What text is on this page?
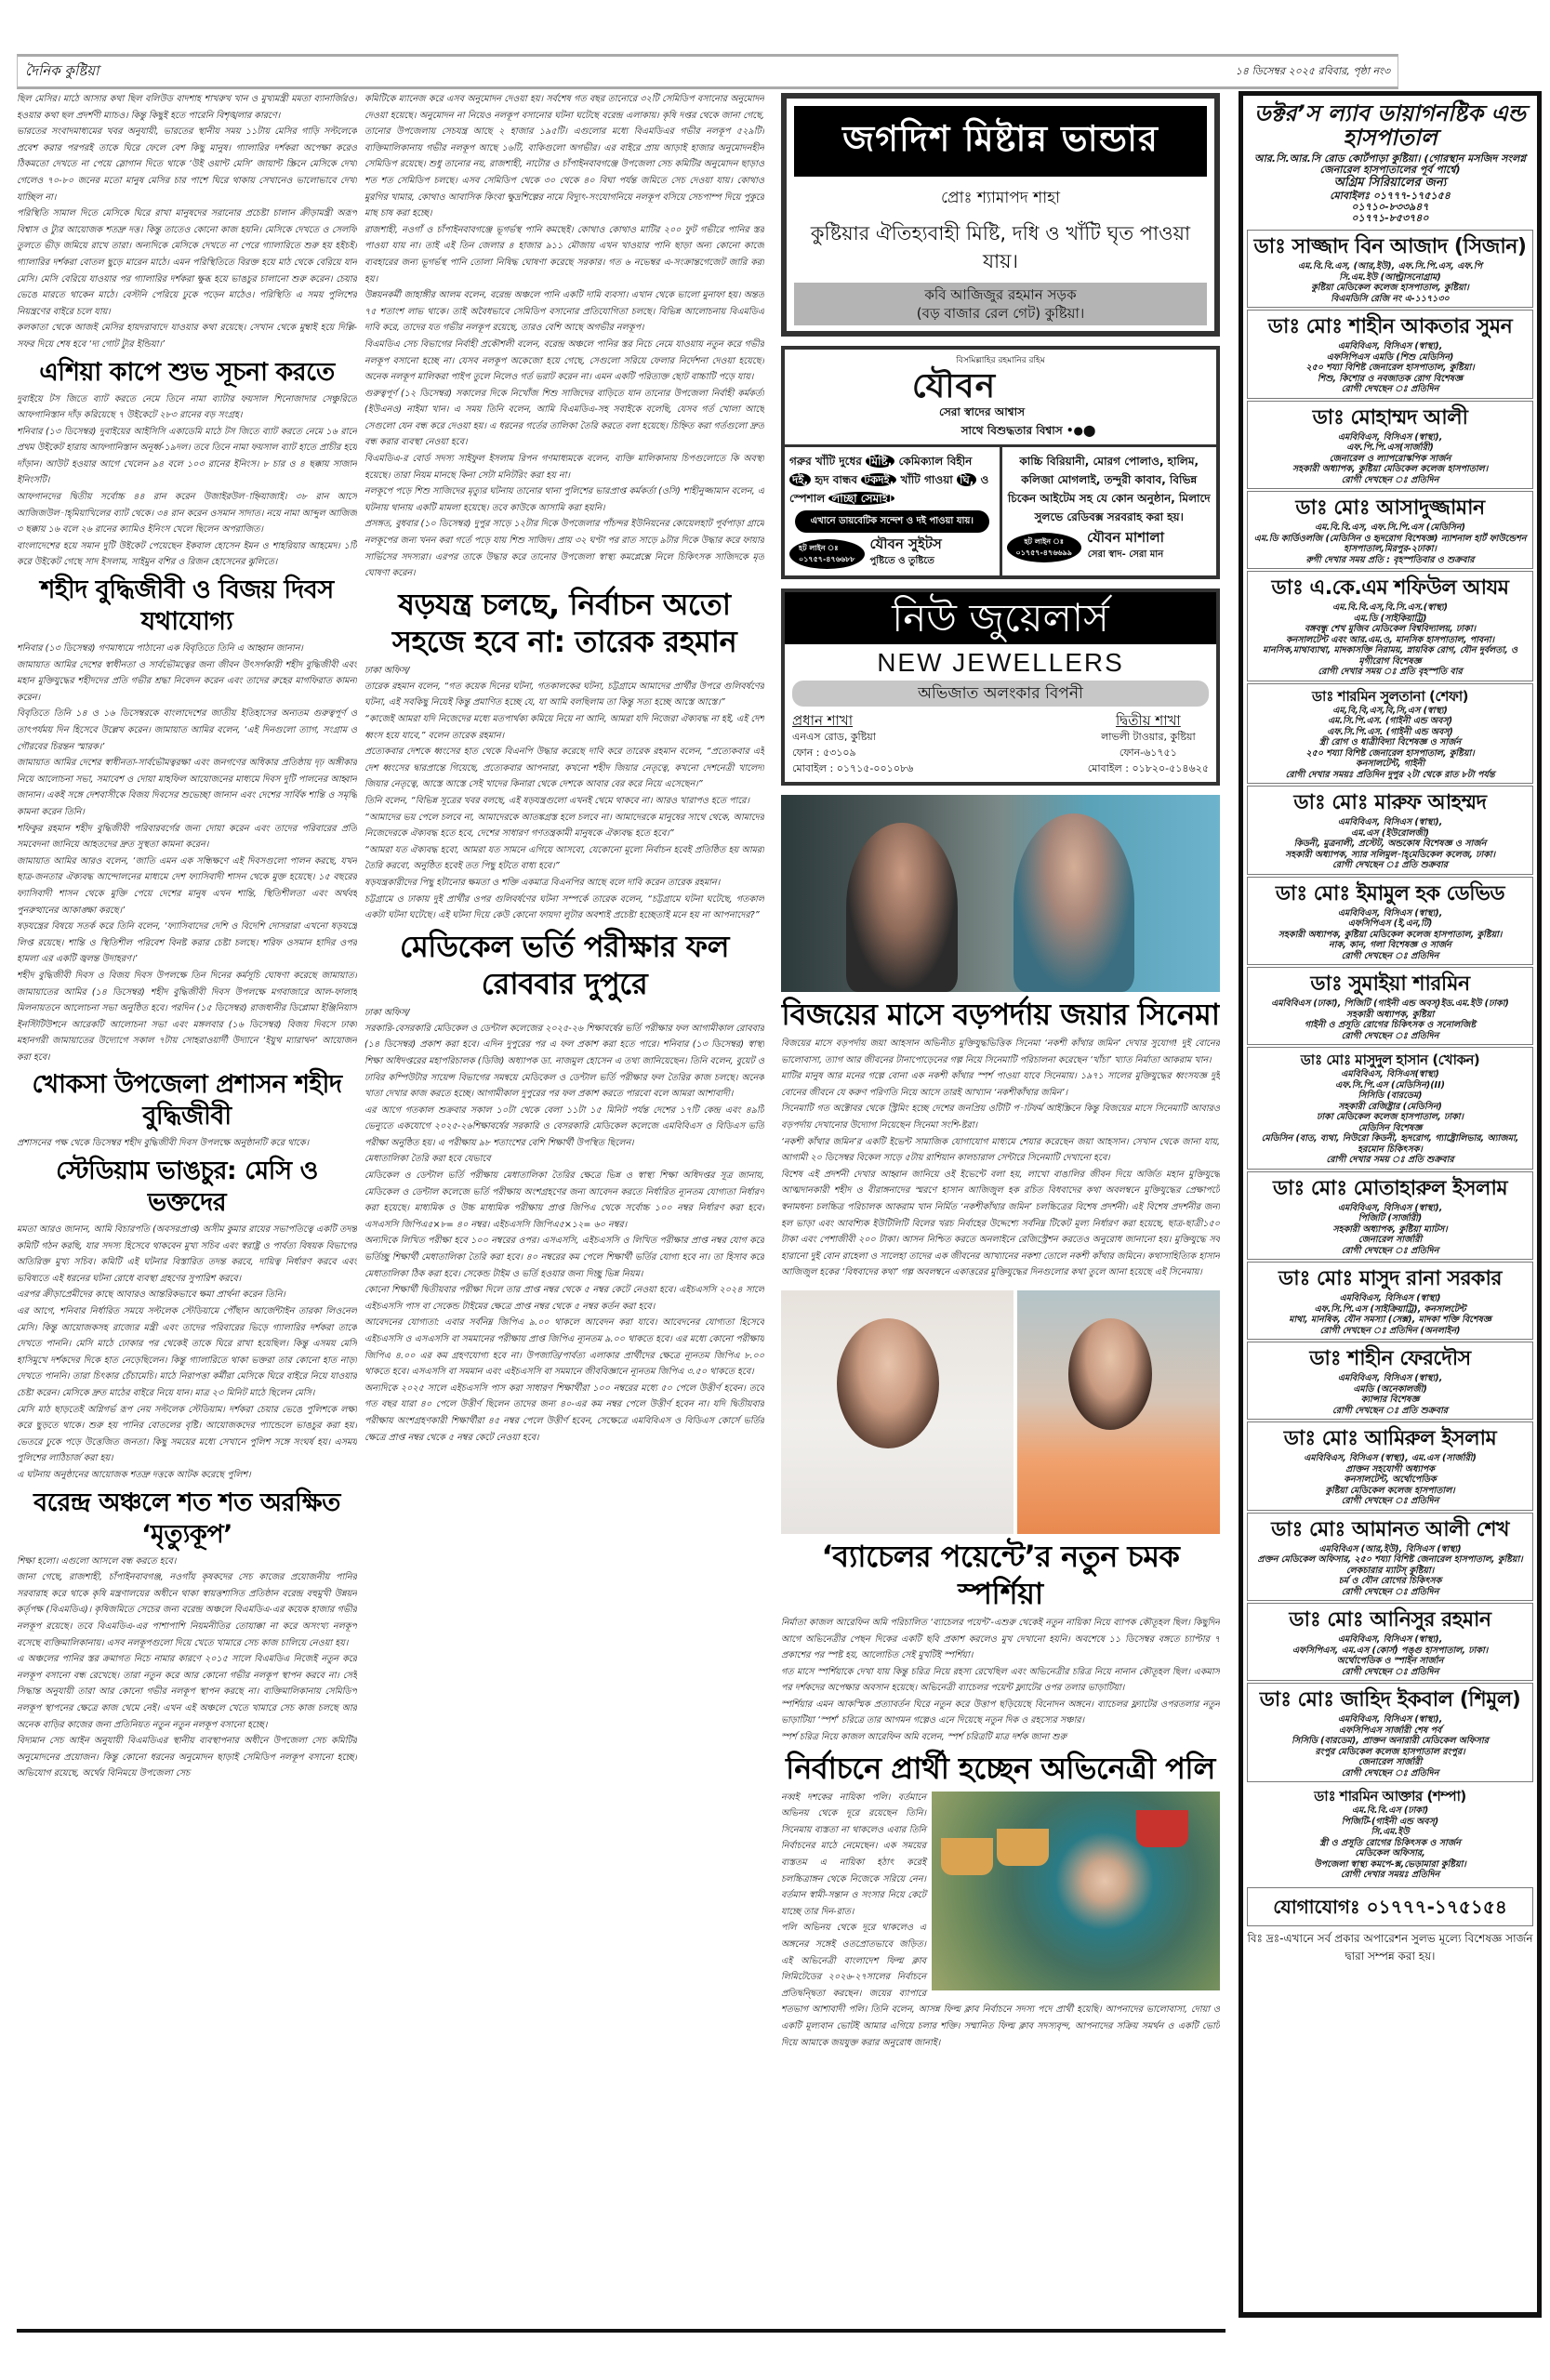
দৈনিক কুষ্টিয়া	১৪ ডিসেম্বর ২০২৫ রবিবার, পৃষ্ঠা নং৩

ছিল মেসির। মাঠে আসার কথা ছিল বলিউড বাদশাহ শাখরুখ খান ও মুখ্যমন্ত্রী মমতা ব্যানার্জিরও। হওয়ার কথা ছল প্রদর্শণী ম্যাচও। কিন্তু কিছুই হতে পারেনি বিশৃঙ্খলার কারণে।

ভারতের সংবাদমাধ্যমের খবর অনুযায়ী, ভারতের স্থানীয় সময় ১১টায় মেসির গাড়ি সল্টলেকে প্রবেশ করার পরপরই তাকে ঘিরে ফেলে বেশ কিছু মানুষ। গ্যালারির দর্শকরা অপেক্ষা করেও ঠিকমতো দেখতে না পেয়ে স্লোগান দিতে থাকে ‘উই ওয়ান্ট মেসি’ জায়ান্ট স্ক্রিনে মেসিকে দেখা গেলেও ৭০-৮০ জনের মতো মানুষ মেসির চার পাশে ঘিরে থাকায় সেখানেও ভালোভাবে দেখা যাচ্ছিল না।

পরিস্থিতি সামাল দিতে মেসিকে ঘিরে রাখা মানুষদের সরানোর প্রচেষ্টা চালান ক্রীড়ামন্ত্রী অরূপ বিশ্বাস ও ট্যুর আয়োজক শতদ্রু দত্ত। কিন্তু তাতেও কোনো কাজ হয়নি। মেসিকে দেখতে ও সেলফি তুলতে ভীড় জমিয়ে রাখে তারা। অন্যদিকে মেসিকে দেখতে না পেরে গ্যালারিতে শুরু হয় হইচই। গ্যালারির দর্শকরা বোতল ছুড়ে মারেন মাঠে। এমন পরিস্থিতিতে বিরক্ত হয়ে মাঠ থেকে বেরিয়ে যান মেসি। মেসি বেরিয়ে যাওয়ার পর গ্যালারির দর্শকরা ক্ষুব্ধ হয়ে ভাঙচুর চালানো শুরু করেন। চেয়ার ভেঙে মারতে থাকেন মাঠে। বেস্টনি পেরিয়ে ঢুকে পড়েন মাঠেও। পরিস্থিতি এ সময় পুলিশের নিয়ন্ত্রণের বাইরে চলে যায়।

কলকাতা থেকে আজই মেসির হায়দরাবাদে যাওয়ার কথা রয়েছে। সেখান থেকে মুম্বাই হয়ে দিল্লি-সফর দিয়ে শেষ হবে ‘দ্য গোট ট্যুর ইন্ডিয়া।’

এশিয়া কাপে শুভ সূচনা করতে

দুবাইয়ে টস জিতে ব্যাট করতে নেমে তিনে নামা ব্যাটার ফয়সাল শিনোজাদার সেঞ্চুরিতে আফগানিস্তান দাঁড় করিয়েছে ৭ উইকেটে ২৮৩ রানের বড় সংগ্রহ।

শনিবার (১৩ ডিসেম্বর) দুবাইয়ের আইসিসি একাডেমি মাঠে টস জিতে ব্যাট করতে নেমে ১৬ রানে প্রথম উইকেট হারায় আফগানিস্তান অনূর্ধ্ব-১৯দল। তবে তিনে নামা ফয়সাল ব্যাট হাতে প্রাচীর হয়ে দাঁড়ান। আউট হওয়ার আগে খেলেন ৯৪ বলে ১০৩ রানের ইনিংস। ৮ চার ও ৪ ছক্কায় সাজান ইনিংসটি।

আফগানদের দ্বিতীয় সর্বোচ্চ ৪৪ রান করেন উজাইরউল-াহ্নিয়াজাই। ৩৮ রান আসে আজিজউল-াহ্‌মিয়াখিলের ব্যাট থেকে। ৩৪ রান করেন ওসমান সাদাত। নয়ে নামা আব্দুল আজিজ ৩ ছক্কায় ১৬ বলে ২৬ রানের ক্যামিও ইনিংস খেলে ছিলেন অপরাজিত।

বাংলাদেশের হয়ে সমান দুটি উইকেট পেয়েছেন ইকবাল হোসেন ইমন ও শাহরিয়ার আহমেদ। ১টি করে উইকেট গেছে সাদ ইসলাম, সাইমুন বশির ও রিজন হোসেনের ঝুলিতে।

শহীদ বুদ্ধিজীবী ও বিজয় দিবস যথাযোগ্য

শনিবার (১৩ ডিসেম্বর) গণমাধ্যমে পাঠানো এক বিবৃতিতে তিনি এ আহ্বান জানান।

জামায়াত আমির দেশের স্বাধীনতা ও সার্বভৌমত্বের জন্য জীবন উৎসর্গকারী শহীদ বুদ্ধিজীবী এবং মহান মুক্তিযুদ্ধের শহীদদের প্রতি গভীর শ্রদ্ধা নিবেদন করেন এবং তাদের রুহের মাগফিরাত কামনা করেন।

বিবৃতিতে তিনি ১৪ ও ১৬ ডিসেম্বরকে বাংলাদেশের জাতীয় ইতিহাসের অন্যতম গুরুত্বপূর্ণ ও তাৎপর্যময় দিন হিসেবে উল্লেখ করেন। জামায়াত আমির বলেন, ‘এই দিনগুলো ত্যাগ, সংগ্রাম ও গৌরবের চিরন্তন স্মারক।’

জামায়াত আমির দেশের স্বাধীনতা-সার্বভৌমত্বরক্ষা এবং জনগণের অধিকার প্রতিষ্ঠায় দৃঢ় অঙ্গীকার নিয়ে আলোচনা সভা, সমাবেশ ও দোয়া মাহফিল আয়োজনের মাধ্যমে দিবস দুটি পালনের আহ্বান জানান। একই সঙ্গে দেশবাসীকে বিজয় দিবসের শুভেচ্ছা জানান এবং দেশের সার্বিক শান্তি ও সমৃদ্ধি কামনা করেন তিনি।

শফিকুর রহমান শহীদ বুদ্ধিজীবী পরিবারবর্গের জন্য দোয়া করেন এবং তাদের পরিবারের প্রতি সমবেদনা জানিয়ে আহতদের দ্রুত সুস্থতা কামনা করেন।

জামায়াত আমির আরও বলেন, ‘জাতি এমন এক সন্ধিক্ষণে এই দিবসগুলো পালন করছে, যখন ছাত্র-জনতার ঐক্যবদ্ধ আন্দোলনের মাধ্যমে দেশ ফ্যাসিবাদী শাসন থেকে মুক্ত হয়েছে। ১৫ বছরের ফ্যাসিবাদী শাসন থেকে মুক্তি পেয়ে দেশের মানুষ এখন শান্তি, স্থিতিশীলতা এবং অর্থবহ পুনরুত্থানের আকাঙ্ক্ষা করছে।’

ষড়যন্ত্রের বিষয়ে সতর্ক করে তিনি বলেন, ‘ফ্যাসিবাদের দেশি ও বিদেশি দোসরারা এখনো ষড়যন্ত্রে লিপ্ত রয়েছে। শান্তি ও স্থিতিশীল পরিবেশ বিনষ্ট করার চেষ্টা চলছে। শরিফ ওসমান হাদির ওপর হামলা এর একটি জ্বলন্ত উদাহরণ।’

শহীদ বুদ্ধিজীবী দিবস ও বিজয় দিবস উপলক্ষে তিন দিনের কর্মসূচি ঘোষণা করেছে জামায়াত। জামায়াতের আমির (১৪ ডিসেম্বর) শহীদ বুদ্ধিজীবী দিবস উপলক্ষে মগবাজারে আল-ফালাহ মিলনায়তনে আলোচনা সভা অনুষ্ঠিত হবে। পরদিন (১৫ ডিসেম্বর) রাজধানীর ডিপ্লোমা ইঞ্জিনিয়ার্স ইনস্টিটিউশনে আরেকটি আলোচনা সভা এবং মঙ্গলবার (১৬ ডিসেম্বর) বিজয় দিবসে ঢাকা মহানগরী জামায়াতের উদ্যোগে সকাল ৭টায় সোহরাওয়ার্দী উদ্যানে ‘ইয়ুথ ম্যারাথন’ আয়োজন করা হবে।

খোকসা উপজেলা প্রশাসন শহীদ বুদ্ধিজীবী

প্রশাসনের পক্ষ থেকে ডিসেম্বর শহীদ বুদ্ধিজীবী দিবস উপলক্ষে অনুষ্ঠানটি করে থাকে।

স্টেডিয়াম ভাঙচুর: মেসি ও ভক্তদের

মমতা আরও জানান, আমি বিচারপতি (অবসরপ্রাপ্ত) অসীম কুমার রায়ের সভাপতিত্বে একটি তদন্ত কমিটি গঠন করছি, যার সদস্য হিসেবে থাকবেন মুখ্য সচিব এবং স্বরাষ্ট্র ও পার্বত্য বিষয়ক বিভাগের অতিরিক্ত মুখ্য সচিব। কমিটি এই ঘটনার বিস্তারিত তদন্ত করবে, দায়িত্ব নির্ধারণ করবে এবং ভবিষ্যতে এই ধরনের ঘটনা রোধে ব্যবস্থা গ্রহণের সুপারিশ করবে।

এরপর ক্রীড়াপ্রেমীদের কাছে আবারও আন্তরিকভাবে ক্ষমা প্রার্থনা করেন তিনি।

এর আগে, শনিবার নির্ধারিত সময়ে সল্টলেক স্টেডিয়ামে পৌঁছান আর্জেন্টাইন তারকা লিওনেল মেসি। কিন্তু আয়োজকসহ রাজ্যের মন্ত্রী এবং তাদের পরিবারের ভিড়ে গ্যালারির দর্শকরা তাকে দেখতে পাননি। মেসি মাঠে ঢোকার পর থেকেই তাকে ঘিরে রাখা হয়েছিল। কিন্তু এসময় মেসি হাসিমুখে দর্শকদের দিকে হাত নেড়েছিলেন। কিন্তু গ্যালারিতে থাকা ভক্তরা তার কোনো হাত নাড়া দেখতে পাননি। তারা চিৎকার চেঁচামেচি। মাঠে নিরাপত্তা কর্মীরা মেসিকে ঘিরে বাইরে নিয়ে যাওয়ার চেষ্টা করেন। মেসিকে দ্রুত মাঠের বাইরে নিয়ে যান। মাত্র ২৩ মিনিট মাঠে ছিলেন মেসি।

মেসি মাঠ ছাড়তেই অগ্নিগর্ভ রূপ নেয় সল্টলেক স্টেডিয়াম। দর্শকরা চেয়ার ভেঙে পুলিশকে লক্ষ্য করে ছুড়তে থাকে। শুরু হয় পানির বোতলের বৃষ্টি। আয়োজকদের প্যান্ডেলে ভাঙচুর করা হয়। ভেতরে ঢুকে পড়ে উত্তেজিত জনতা। কিছু সময়ের মধ্যে সেখানে পুলিশ সঙ্গে সংঘর্ষ হয়। এসময় পুলিশের লাঠিচার্জ করা হয়।

এ ঘটনায় অনুষ্ঠানের আয়োজক শতদ্রু দত্তকে আটক করেছে পুলিশ।

বরেন্দ্র অঞ্চলে শত শত অরক্ষিত ‘মৃত্যুকূপ’

শিক্ষা হলো। এগুলো আসলে বন্ধ করতে হবে।

জানা গেছে, রাজশাহী, চাঁপাইনবাবগঞ্জ, নওগাঁয় কৃষকদের সেচ কাজের প্রয়োজনীয় পানির সরবারাহ করে থাকে কৃষি মন্ত্রণালয়ের অধীনে থাকা স্বায়ত্তশাসিত প্রতিষ্ঠান বরেন্দ্র বহুমুখী উন্নয়ন কর্তৃপক্ষ (বিএমডিএ)। কৃষিজমিতে সেচের জন্য বরেন্দ্র অঞ্চলে বিএমডিএ-এর কয়েক হাজার গভীর নলকূপ রয়েছে। তবে বিএমডিএ-এর পাশাপাশি নিয়মনীতির তোয়াক্কা না করে অসংখ্য নলকূপ বসেছে ব্যক্তিমালিকানায়। এসব নলকূপগুলো দিয়ে খেতে খামারে সেচ কাজ চালিয়ে নেওয়া হয়।

এ অঞ্চলের পানির স্তর ক্রমাগত নিচে নামার কারণে ২০১৫ সালে বিএমডিএ নিজেই নতুন করে নলকূপ বসানো বন্ধ রেখেছে। তারা নতুন করে আর কোনো গভীর নলকূপ স্থাপন করবে না। সেই সিদ্ধান্ত অনুযায়ী তারা আর কোনো গভীর নলকূপ স্থাপন করছে না। ব্যক্তিমালিকানায় সেমিডিপ নলকূপ স্থাপনের ক্ষেত্রে কাজ থেমে নেই। এখন এই অঞ্চলে খেতে খামারে সেচ কাজ চলছে আর অনেক বাড়ির কাজের জন্য প্রতিনিয়ত নতুন নতুন নলকূপ বসানো হচ্ছে।

বিদ্যমান সেচ আইন অনুযায়ী বিএমডিএর স্থানীয় ব্যবস্থাপনার অধীনে উপজেলা সেচ কমিটির অনুমোদনের প্রয়োজন। কিন্তু কোনো ধরনের অনুমোদন ছাড়াই সেমিডিপ নলকূপ বসানো হচ্ছে। অভিযোগ রয়েছে, অর্থের বিনিময়ে উপজেলা সেচ

কমিটিকে ম্যানেজ করে এসব অনুমোদন দেওয়া হয়। সর্বশেষ গত বছর তানোরে ৩২টি সেমিডিপ বসানোর অনুমোদন দেওয়া হয়েছে। অনুমোদন না নিয়েও নলকূপ বসানোর ঘটনা ঘটেছে বরেন্দ্র এলাকায়। কৃষি দপ্তর থেকে জানা গেছে, তানোর উপজেলায় সেচযন্ত্র আছে ২ হাজার ১৯৫টি। এগুলোর মধ্যে বিএমডিএর গভীর নলকূপ ৫২৯টি। ব্যক্তিমালিকানায় গভীর নলকূপ আছে ১৬টি, বাকিগুলো অগভীর। এর বাইরে প্রায় আড়াই হাজার অনুমোদনহীন সেমিডিপ রয়েছে। শুধু তানোর নয়, রাজশাহী, নাটোর ও চাঁপাইনবাবগঞ্জে উপজেলা সেচ কমিটির অনুমোদন ছাড়াও শত শত সেমিডিপ চলছে। এসব সেমিডিপ থেকে ৩০ থেকে ৪০ বিঘা পর্যন্ত জমিতে সেচ দেওয়া যায়। কোথাও মুরগির খামার, কোথাও আবাসিক কিংবা ক্ষুদ্রশিল্পের নামে বিদ্যুৎ-সংযোগনিয়ে নলকূপ বসিয়ে সেচপাম্প দিয়ে পুকুরে মাছ চাষ করা হচ্ছে।

রাজশাহী, নওগাঁ ও চাঁপাইনবাবগঞ্জে ভূগর্ভস্থ পানি কমছেই। কোথাও কোথাও মাটির ২০০ ফুট গভীরে পানির স্তর পাওয়া যায় না। তাই এই তিন জেলার ৪ হাজার ৯১১ মৌজায় এখন খাওয়ার পানি ছাড়া অন্য কোনো কাজে ব্যবহারের জন্য ভূগর্ভস্থ পানি তোলা নিষিদ্ধ ঘোষণা করেছে সরকার। গত ৬ নভেম্বর এ-সংক্রান্তগেজেট জারি করা হয়।

উন্নয়নকর্মী জাহাঙ্গীর আলম বলেন, বরেন্দ্র অঞ্চলে পানি একটি দামি ব্যবসা। এখান থেকে ভালো মুনাফা হয়। অন্তত ৭৫ শতাংশ লাভ থাকে। তাই অবৈধভাবে সেমিডিপ বসানোর প্রতিযোগিতা চলছে। বিভিন্ন আলোচনায় বিএমডিএ দাবি করে, তাদের যত গভীর নলকূপ রয়েছে, তারও বেশি আছে অগভীর নলকূপ।

বিএমডিএ সেচ বিভাগের নির্বাহী প্রকৌশলী বলেন, বরেন্দ্র অঞ্চলে পানির স্তর নিচে নেমে যাওয়ায় নতুন করে গভীর নলকূপ বসানো হচ্ছে না। যেসব নলকূপ অকেজো হয়ে গেছে, সেগুলো সরিয়ে ফেলার নির্দেশনা দেওয়া হয়েছে। অনেক নলকূপ মালিকরা পাইপ তুলে নিলেও গর্ত ভরাট করেন না। এমন একটি পরিত্যক্ত ছোট বাচ্চাটি পড়ে যায়।

গুরুত্বপূর্ণ (১২ ডিসেম্বর) সকালের দিকে নিখোঁজ শিশু সাজিদের বাড়িতে যান তানোর উপজেলা নির্বাহী কর্মকর্তা (ইউএনও) নাইমা খান। এ সময় তিনি বলেন, আমি বিএমডিএ-সহ সবাইকে বলেছি, যেসব গর্ত খোলা আছে সেগুলো যেন বন্ধ করে দেওয়া হয়। এ ধরনের গর্তের তালিকা তৈরি করতে বলা হয়েছে। চিহ্নিত করা গর্তগুলো দ্রুত বন্ধ করার ব্যবস্থা নেওয়া হবে।

বিএমডিএ-র বোর্ড সদস্য সাইফুল ইসলাম রিপন গণমাধ্যমকে বলেন, ব্যক্তি মালিকানায় চিপগুলোতে কি অবস্থা হয়েছে। তারা নিয়ম মানছে কিনা সেটা মনিটরিং করা হয় না।

নলকূপে পড়ে শিশু সাজিদের মৃত্যুর ঘটনায় তানোর থানা পুলিশের ভারপ্রাপ্ত কর্মকর্তা (ওসি) শাহীনুজ্জামান বলেন, এ ঘটনায় থানায় একটি মামলা হয়েছে। তবে কাউকে আসামি করা হয়নি।

প্রসঙ্গত, বুধবার (১০ ডিসেম্বর) দুপুর সাড়ে ১২টার দিকে উপজেলার পাঁচন্দর ইউনিয়নের কোয়েলহাট পূর্বপাড়া গ্রামে নলকূপের জন্য খনন করা গর্তে পড়ে যায় শিশু সাজিদ। প্রায় ৩২ ঘণ্টা পর রাত সাড়ে ৯টার দিকে উদ্ধার করে ফায়ার সার্ভিসের সদস্যরা। এরপর তাকে উদ্ধার করে তানোর উপজেলা স্বাস্থ্য কমপ্লেক্সে নিলে চিকিৎসক সাজিদকে মৃত ঘোষণা করেন।

ষড়যন্ত্র চলছে, নির্বাচন অতো সহজে হবে না: তারেক রহমান
ঢাকা অফিস/

তারেক রহমান বলেন, “গত কয়েক দিনের ঘটনা, গতকালকের ঘটনা, চট্টগ্রামে আমাদের প্রার্থীর উপরে গুলিবর্ষণের ঘটনা, এই সবকিছু নিয়েই কিন্তু প্রমাণিত হচ্ছে যে, যা আমি বলছিলাম তা কিন্তু সত্য হচ্ছে আস্তে আস্তে।”

“কাজেই আমরা যদি নিজেদের মধ্যে মতপার্থক্য কমিয়ে নিয়ে না আনি, আমরা যদি নিজেরা ঐক্যবদ্ধ না হই, এই দেশ ধ্বংস হয়ে যাবে,” বলেন তারেক রহমান।

প্রত্যেকবার দেশকে ধ্বংসের হাত থেকে বিএনপি উদ্ধার করেছে দাবি করে তারেক রহমান বলেন, “প্রত্যেকবার এই দেশ ধ্বংসের দ্বারপ্রান্তে গিয়েছে, প্রত্যেকবার আপনারা, কখনো শহীদ জিয়ার নেতৃত্বে, কখনো দেশনেত্রী খালেদা জিয়ার নেতৃত্বে, আস্তে আস্তে সেই খাদের কিনারা থেকে দেশকে আবার বের করে নিয়ে এসেছেন।”

তিনি বলেন, “বিভিন্ন সূত্রের খবর বলছে, এই ষড়যন্ত্রগুলো এখনই থেমে থাকবে না। আরও খারাপও হতে পারে।

“আমাদের ভয় পেলে চলবে না, আমাদেরকে আতঙ্কগ্রস্ত হলে চলবে না। আমাদেরকে মানুষের সাথে থেকে, আমাদের নিজেদেরকে ঐক্যবদ্ধ হতে হবে, দেশের সাধারণ গণতন্ত্রকামী মানুষকে ঐক্যবদ্ধ হতে হবে।”

“আমরা যত ঐক্যবদ্ধ হবো, আমরা যত সামনে এগিয়ে আসবো, যেকোনো মূল্যে নির্বাচন হবেই প্রতিষ্ঠিত হয় আমরা তৈরি করবো, অনুষ্ঠিত হবেই তত পিছু হটতে বাধ্য হবে।”

ষড়যন্ত্রকারীদের পিছু হটানোর ক্ষমতা ও শক্তি একমাত্র বিএনপির আছে বলে দাবি করেন তারেক রহমান।

চট্টগ্রামে ও ঢাকায় দুই প্রার্থীর ওপর গুলিবর্ষণের ঘটনা সম্পর্কে তারেক বলেন, “চট্টগ্রামে ঘটনা ঘটেছে, গতকাল একটা ঘটনা ঘটেছে। এই ঘটনা দিয়ে কেউ কোনো ফায়দা লুটার অবশ্যই প্রচেষ্টা হচ্ছেতাই মনে হয় না আপনাদের?”

মেডিকেল ভর্তি পরীক্ষার ফল রোববার দুপুরে
ঢাকা অফিস/

সরকারি-বেসরকারি মেডিকেল ও ডেন্টাল কলেজের ২০২৫-২৬ শিক্ষাবর্ষের ভর্তি পরীক্ষার ফল আগামীকাল রোববার (১৪ ডিসেম্বর) প্রকাশ করা হবে। এদিন দুপুরের পর এ ফল প্রকাশ করা হতে পারে। শনিবার (১৩ ডিসেম্বর) স্বাস্থ্য শিক্ষা অধিদপ্তরের মহাপরিচালক (ডিজি) অধ্যাপক ডা. নাজমুল হোসেন এ তথ্য জানিয়েছেন। তিনি বলেন, বুয়েট ও ঢাবির কম্পিউটার সায়েন্স বিভাগের সমন্বয়ে মেডিকেল ও ডেন্টাল ভর্তি পরীক্ষার ফল তৈরির কাজ চলছে। অনেক খাতা দেখার কাজ করতে হচ্ছে। আগামীকাল দুপুরের পর ফল প্রকাশ করতে পারবো বলে আমরা আশাবাদী।

এর আগে গতকাল শুক্রবার সকাল ১০টা থেকে বেলা ১১টা ১৫ মিনিট পর্যন্ত দেশের ১৭টি কেন্দ্র এবং ৪৯টি ভেন্যুতে একযোগে ২০২৫-২৬শিক্ষাবর্ষের সরকারি ও বেসরকারি মেডিকেল কলেজে এমবিবিএস ও বিডিএস ভর্তি পরীক্ষা অনুষ্ঠিত হয়। এ পরীক্ষায় ৯৮ শতাংশের বেশি শিক্ষার্থী উপস্থিত ছিলেন।

মেধাতালিকা তৈরি করা হবে যেভাবে

মেডিকেল ও ডেন্টাল ভর্তি পরীক্ষায় মেধাতালিকা তৈরির ক্ষেত্রে ভিন্ন ও স্বাস্থ্য শিক্ষা অধিদপ্তর সূত্র জানায়, মেডিকেল ও ডেন্টাল কলেজে ভর্তি পরীক্ষায় অংশগ্রহণের জন্য আবেদন করতে নির্ধারিত ন্যূনতম যোগ্যতা নির্ধারণ করা হয়েছে। মাধ্যমিক ও উচ্চ মাধ্যমিক পরীক্ষায় প্রাপ্ত জিপিএ থেকে সর্বোচ্চ ১০০ নম্বর নির্ধারণ করা হবে। এসএসসি জিপিএ৫×৮= ৪০ নম্বর। এইচএসসি জিপিএ৫×১২= ৬০ নম্বর।

অন্যদিকে লিখিত পরীক্ষা হবে ১০০ নম্বরের ওপর। এসএসসি, এইচএসসি ও লিখিত পরীক্ষার প্রাপ্ত নম্বর যোগ করে ভর্তিচ্ছু শিক্ষার্থী মেধাতালিকা তৈরি করা হবে। ৪০ নম্বরের কম পেলে শিক্ষার্থী ভর্তির যোগ্য হবে না। তা হিসাব করে মেধাতালিকা ঠিক করা হবে। সেকেন্ড টাইম ও ভর্তি হওয়ার জন্য দিচ্ছু ভিন্ন নিয়ম।

কোনো শিক্ষার্থী দ্বিতীয়বার পরীক্ষা দিলে তার প্রাপ্ত নম্বর থেকে ৫ নম্বর কেটে নেওয়া হবে। এইচএসসি ২০২৪ সালে এইচএসসি পাস বা সেকেন্ড টাইমের ক্ষেত্রে প্রাপ্ত নম্বর থেকে ৫ নম্বর কর্তন করা হবে।

আবেদনের যোগ্যতা: এবার সর্বনিম্ন জিপিএ ৯.০০ থাকলে আবেদন করা যাবে। আবেদনের যোগ্যতা হিসেবে এইচএসসি ও এসএসসি বা সমমানের পরীক্ষায় প্রাপ্ত জিপিএ ন্যূনতম ৯.০০ থাকতে হবে। এর মধ্যে কোনো পরীক্ষায় জিপিএ ৪.০০ এর কম গ্রহণযোগ্য হবে না। উপজাতি/পার্বত্য এলাকার প্রার্থীদের ক্ষেত্রে ন্যূনতম জিপিএ ৮.০০ থাকতে হবে। এসএসসি বা সমমান এবং এইচএসসি বা সমমানে জীববিজ্ঞানে ন্যূনতম জিপিএ ৩.৫০ থাকতে হবে।

অন্যদিকে ২০২৫ সালে এইচএসসি পাস করা সাধারণ শিক্ষার্থীরা ১০০ নম্বরের মধ্যে ৫০ পেলে উত্তীর্ণ হবেন। তবে গত বছর যারা ৪০ পেলে উত্তীর্ণ ছিলেন তাদের জন্য ৪০-এর কম নম্বর পেলে উত্তীর্ণ হবেন না। যদি দ্বিতীয়বার পরীক্ষায় অংশগ্রহণকারী শিক্ষার্থীরা ৪৫ নম্বর পেলে উত্তীর্ণ হবেন, সেক্ষেত্রে এমবিবিএস ও বিডিএস কোর্সে ভর্তির ক্ষেত্রে প্রাপ্ত নম্বর থেকে ৫ নম্বর কেটে নেওয়া হবে।

জগদিশ মিষ্টান্ন ভান্ডার
প্রোঃ শ্যামাপদ শাহা
কুষ্টিয়ার ঐতিহ্যবাহী মিষ্টি, দধি ও খাঁটি ঘৃত পাওয়া যায়।
কবি আজিজুর রহমান সড়ক
(বড় বাজার রেল গেট) কুষ্টিয়া।
বিসমিল্লাহির রহমানির রহিম
যৌবন
সেরা স্বাদের আশ্বাস
সাথে বিশুদ্ধতার বিশ্বাস •●⬤
গরুর খাঁটি দুধের মিষ্টি, কেমিক্যাল বিহীন দই, হৃদ বান্ধব টকদই, খাঁটি গাওয়া ঘি, ও স্পেশাল লাচ্ছা সেমাই।
এখানে ডায়বেটিক সন্দেশ ও দই পাওয়া যায়।
হট লাইন ঃ
০১৭৫৭-৪৭৬৬৮৮
যৌবন সুইটস
পুষ্টিতে ও তুষ্টিতে
কাচ্চি বিরিয়ানী, মোরগ পোলাও, হালিম, কলিজা মোগলাই, তন্দুরী কাবাব, বিভিন্ন চিকেন আইটেম সহ যে কোন অনুষ্ঠান, মিলাদে সুলভে রেডিবক্স সরবরাহ করা হয়।
হট লাইন ঃ
০১৭৫৭-৪৭৬৬৯৯
যৌবন মাশালা
সেরা স্বাদ- সেরা মান
নিউ জুয়েলার্স
NEW JEWELLERS
অভিজাত অলংকার বিপনী
প্রধান শাখা
এনএস রোড, কুষ্টিয়া
ফোন : ৫৩১০৯
মোবাইল : ০১৭১৫-০০১০৮৬
দ্বিতীয় শাখা
লাভলী টাওয়ার, কুষ্টিয়া
ফোন-৬১৭৫১
মোবাইল : ০১৮২০-৫১৪৬২৫
বিজয়ের মাসে বড়পর্দায় জয়ার সিনেমা

বিজয়ের মাসে বড়পর্দায় জয়া আহসান অভিনীত মুক্তিযুদ্ধভিত্তিক সিনেমা ‘নকশী কাঁথার জমিন’ দেখার সুযোগ! দুই বোনের ভালোবাসা, ত্যাগ আর জীবনের টানাপোড়েনের গল্প নিয়ে সিনেমাটি পরিচালনা করেছেন ‘খাঁচা’ খ্যাত নির্মাতা আকরাম খান।

মাটির মানুষ আর মনের গল্পে বোনা এক নকশী কাঁথার স্পর্শ পাওয়া যাবে সিনেমায়। ১৯৭১ সালের মুক্তিযুদ্ধের ধ্বংসযজ্ঞ দুই বোনের জীবনে যে করুণ পরিণতি নিয়ে আসে তারই আখ্যান ‘নকশীকাঁথার জমিন’।

সিনেমাটি গত অক্টোবর থেকে স্ট্রিমিং হচ্ছে দেশের জনপ্রিয় ওটিটি প-াটফর্ম আইস্ক্রিনে কিন্তু বিজয়ের মাসে সিনেমাটি আবারও বড়পর্দায় দেখানোর উদ্যোগ নিয়েছেন সিনেমা সংশি-ষ্টরা।

‘নকশী কাঁথার জমিন’র একটি ইভেন্ট সামাজিক যোগাযোগ মাধ্যমে শেয়ার করেছেন জয়া আহসান। সেখান থেকে জানা যায়, আগামী ২০ ডিসেম্বর বিকেল সাড়ে ৫টায় রাশিয়ান কালচারাল সেন্টারে সিনেমাটি দেখানো হবে।

বিশেষ এই প্রদর্শনী দেখার আহ্বান জানিয়ে ওই ইভেন্টে বলা হয়, লাখো বাঙালির জীবন দিয়ে অর্জিত মহান মুক্তিযুদ্ধে আত্মদানকারী শহীদ ও বীরাঙ্গনাদের স্মরণে হাসান আজিজুল হক রচিত বিধবাদের কথা অবলম্বনে মুক্তিযুদ্ধের প্রেক্ষাপটে স্বনামধন্য চলচ্চিত্র পরিচালক আকরাম খান নির্মিত ‘নকশীকাঁথার জমিন’ চলচ্চিত্রের বিশেষ প্রদর্শনী। এই বিশেষ প্রদর্শনীর জন্য হল ভাড়া এবং আবশ্যিক ইউটিলিটি বিলের খরচ নির্বাহের উদ্দেশ্যে সর্বনিম্ন টিকেট মূল্য নির্ধারণ করা হয়েছে, ছাত্র-ছাত্রী১৫০ টাকা এবং পেশাজীবী ২০০ টাকা। আসন নিশ্চিত করতে অনলাইনে রেজিস্ট্রেশন করতেও অনুরোধ জানানো হয়। মুক্তিযুদ্ধে সব হারানো দুই বোন রাহেলা ও সালেহা তাদের এক জীবনের আখ্যানের নকশা তোলে নকশী কাঁথার জমিনে। কথাসাহিত্যিক হাসান আজিজুল হকের ‘বিধবাদের কথা’ গল্প অবলম্বনে একাত্তরের মুক্তিযুদ্ধের দিনগুলোর কথা তুলে আনা হয়েছে এই সিনেমায়।

‘ব্যাচেলর পয়েন্টে’র নতুন চমক স্পর্শিয়া

নির্মাতা কাজল আরেফিন অমি পরিচালিত ‘ব্যাচেলর পয়েন্ট’-এশুরু থেকেই নতুন নায়িকা নিয়ে ব্যাপক কৌতূহল ছিল। কিছুদিন আগে অভিনেত্রীর পেছন দিকের একটি ছবি প্রকাশ করলেও মুখ দেখানো হয়নি। অবশেষে ১১ ডিসেম্বর বঙ্গতে চ্যাপ্টার ৭ প্রকাশের পর স্পষ্ট হয়, আলোচিত সেই মুখটিই স্পর্শিয়া।

গত মাসে স্পর্শিয়াকে দেখা যায় কিন্তু চরিত্র নিয়ে রহস্য রেখেছিল এবং অভিনেত্রীর চরিত্র নিয়ে নানান কৌতূহল ছিল। একমাস পর দর্শকদের অপেক্ষার অবসান হয়েছে। অভিনেত্রী ব্যাচেলর পয়েন্ট ফ্ল্যাটের ওপর তলার ভাড়াটিয়া।

স্পর্শিয়ার এমন আকস্মিক প্রত্যাবর্তন ঘিরে নতুন করে উত্তাপ ছড়িয়েছে বিনোদন অঙ্গনে। ব্যাচেলর ফ্ল্যাটের ওপরতলার নতুন ভাড়াটিয়া ‘স্পর্শ’ চরিত্রে তার আগমন গল্পেও এনে দিয়েছে নতুন দিক ও রহস্যের সঞ্চার।

স্পর্শ চরিত্র নিয়ে কাজল আরেফিন অমি বলেন, স্পর্শ চরিত্রটি মাত্র দর্শক জানা শুরু

নির্বাচনে প্রার্থী হচ্ছেন অভিনেত্রী পলি

নব্বই দশকের নায়িকা পলি। বর্তমানে অভিনয় থেকে দূরে রয়েছেন তিনি। সিনেমায় ব্যস্ততা না থাকলেও এবার তিনি নির্বাচনের মাঠে নেমেছেন। এক সময়ের ব্যস্ততম এ নায়িকা হঠাৎ করেই চলচ্চিত্রাঙ্গন থেকে নিজেকে সরিয়ে নেন। বর্তমান স্বামী-সন্তান ও সংসার নিয়ে কেটে যাচ্ছে তার দিন-রাত।

পলি অভিনয় থেকে দূরে থাকলেও এ অঙ্গনের সঙ্গেই ওতপ্রোতভাবে জড়িত। এই অভিনেত্রী বাংলাদেশ ফিল্ম ক্লাব লিমিটেডের ২০২৬-২৭সালের নির্বাচনে প্রতিদ্বন্দ্বিতা করছেন। জয়ের ব্যাপারে শতভাগ আশাবাদী পলি। তিনি বলেন, আসন্ন ফিল্ম ক্লাব নির্বাচনে সদস্য পদে প্রার্থী হয়েছি। আপনাদের ভালোবাসা, দোয়া ও একটি মূল্যবান ভোটই আমার এগিয়ে চলার শক্তি। সম্মানিত ফিল্ম ক্লাব সদস্যবৃন্দ, আপনাদের সক্রিয় সমর্থন ও একটি ভোট দিয়ে আমাকে জয়যুক্ত করার অনুরোধ জানাই।

ডক্টর’স ল্যাব ডায়াগনষ্টিক এন্ড হাসপাতাল
আর.সি.আর.সি রোড কোর্টপাড়া কুষ্টিয়া। (গোরস্থান মসজিদ সংলগ্ন জেনারেল হাসপাতালের পূর্ব পার্শ্বে)
অগ্রিম সিরিয়ালের জন্য
মোবাইলঃ ০১৭৭৭-১৭৫১৫৪
০১৭১০-৮৩৩৯৪৭
০১৭৭১-৮৫৩৭৪০
ডাঃ সাজ্জাদ বিন আজাদ (সিজান)
এম.বি.বি.এস, (আর,ইউ), এফ.সি.পি.এস, এফ.পি
সি.এম.ইউ (আল্ট্রাসনোগ্রাম)
কুষ্টিয়া মেডিকেল কলেজ হাসপাতাল, কুষ্টিয়া।
বিএমডিসি রেজি নং এ-১১৭১৩০
ডাঃ মোঃ শাহীন আকতার সুমন
এমবিবিএস, বিসিএস (স্বাস্থ্য),
এফসিপিএস এমডি (শিশু মেডিসিন)
২৫০ শয্যা বিশিষ্ট জেনারেল হাসপাতাল, কুষ্টিয়া।
শিশু, কিশোর ও নবজাতক রোগ বিশেষজ্ঞ
রোগী দেখছেন ঃ প্রতিদিন
ডাঃ মোহাম্মদ আলী
এমবিবিএস, বিসিএস (স্বাস্থ্য),
এফ.পি.পি.এস(সার্জারী)
জেনারেল ও ল্যাপরোস্কপিক সার্জন
সহকারী অধ্যাপক, কুষ্টিয়া মেডিকেল কলেজ হাসপাতাল।
রোগী দেখছেন ঃ প্রতিদিন
ডাঃ মোঃ আসাদুজ্জামান
এম.বি.বি.এস, এফ.সি.পি.এস (মেডিসিন)
এম.ডি কার্ডিওলজি (মেডিসিন ও হৃদরোগ বিশেষজ্ঞ) ন্যাশনাল হার্ট ফাউন্ডেশন হাসপাতাল,মিরপুর-২ঢাকা।
রুগী দেখার সময় প্রতি : বৃহস্পতিবার ও শুক্রবার
ডাঃ এ.কে.এম শফিউল আযম
এম.বি.বি.এস,বি.সি.এস.(স্বাস্থ্য)
এম.ডি (সাইকিয়াট্রি)
বঙ্গবন্ধু শেখ মুজিব মেডিকেল বিশ্ববিদ্যালয়, ঢাকা।
কনসালটেন্ট এবং আর.এম.ও, মানসিক হাসপাতাল, পাবনা।
মানসিক,মাথাব্যাথা, মাদকাসক্তি নিরাময়, স্নায়বিক রোগ, যৌন দুর্বলতা, ও মৃগীরোগ বিশেষজ্ঞ
রোগী দেখার সময় ঃ প্রতি বৃহস্পতি বার
ডাঃ শারমিন সুলতানা (শেফা)
এম,বি,বি,এস,বি,সি,এস (স্বাস্থ্য)
এম.সি.পি.এস. (গাইনী এন্ড অবস্)
এফ.সি.পি.এস. (গাইনী এন্ড অবস্)
স্ত্রী রোগ ও ধাত্রীবিদ্যা বিশেষজ্ঞ ও সার্জন
২৫০ শয্যা বিশিষ্ট জেনারেল হাসপাতাল, কুষ্টিয়া।
কনসালটেন্ট, গাইনী
রোগী দেখার সময়ঃ প্রতিদিন দুপুর ২টা থেকে রাত ৮টা পর্যন্ত
ডাঃ মোঃ মারুফ আহম্মদ
এমবিবিএস, বিসিএস (স্বাস্থ্য),
এম.এস (ইউরোলজী)
কিডনী, মুত্রনালী, প্রস্টেট, অন্ডকোষ বিশেষজ্ঞ ও সার্জন
সহকারী অধ্যাপক, স্যার সলিমুল-াহ্‌মেডিকেল কলেজ, ঢাকা।
রোগী দেখছেন ঃ প্রতি শুক্রবার
ডাঃ মোঃ ইমামুল হক ডেভিড
এমবিবিএস, বিসিএস (স্বাস্থ্য),
এফসিপিএস (ই,এন,টি)
সহকারী অধ্যাপক, কুষ্টিয়া মেডিকেল কলেজ হাসপাতাল, কুষ্টিয়া।
নাক, কান, গলা বিশেষজ্ঞ ও সার্জন
রোগী দেখছেন ঃ প্রতিদিন
ডাঃ সুমাইয়া শারমিন
এমবিবিএস (ঢাকা), পিজিটি (গাইনী এন্ড অবস্)ইড.এম.ইউ (ঢাকা)
সহকারী অধ্যাপক, কুষ্টিয়া
গাইনী ও প্রসূতি রোগের চিকিৎসক ও সনোলজিষ্ট
রোগী দেখছেন ঃ প্রতিদিন
ডাঃ মোঃ মাসুদুল হাসান (খোকন)
এমবিবিএস, বিসিএস(স্বাস্থ্য)
এফ.সি.পি.এস (মেডিসিন)(II)
সিসিডি (বারডেম)
সহকারী রেজিষ্ট্রার (মেডিসিন)
ঢাকা মেডিকেল কলেজ হাসপাতাল, ঢাকা।
মেডিসিন বিশেষজ্ঞ
মেডিসিন (বাত, ব্যথা, নিউরো কিডনী, হৃদরোগ, গ্যাষ্ট্রোলিভার, অ্যাজমা, হরমোন চিকিৎসক।
রোগী দেখার সময় ঃ প্রতি শুক্রবার
ডাঃ মোঃ মোতাহারুল ইসলাম
এমবিবিএস, বিসিএস (স্বাস্থ্য),
পিজিটি (সার্জারী)
সহকারী অধ্যাপক, কুষ্টিয়া ম্যাটস।
জেনারেল সার্জারী
রোগী দেখছেন ঃ প্রতিদিন
ডাঃ মোঃ মাসুদ রানা সরকার
এমবিবিএস, বিসিএস (স্বাস্থ্য)
এফ.সি.পি.এস (সাইক্রিয়াট্রি), কনসালটেন্ট
মাথা, মানষিক, যৌন সমস্যা (সেক্স), মাদকা শক্তি বিশেষজ্ঞ
রোগী দেখছেন ঃ প্রতিদিন (অনলাইন)
ডাঃ শাহীন ফেরদৌস
এমবিবিএস, বিসিএস (স্বাস্থ্য),
এমডি (অনেকালজী)
ক্যান্সার বিশেষজ্ঞ
রোগী দেখছেন ঃ প্রতি শুক্রবার
ডাঃ মোঃ আমিরুল ইসলাম
এমবিবিএস, বিসিএস (স্বাস্থ্য), এম.এস (সার্জারী)
প্রাক্তন সহযোগী অধ্যাপক
কনসালটেন্ট, অর্থোপেডিক
কুষ্টিয়া মেডিকেল কলেজ হাসপাতাল।
রোগী দেখছেন ঃ প্রতিদিন
ডাঃ মোঃ আমানত আলী শেখ
এমবিবিএস (আর,ইউ), বিসিএস (স্বাস্থ্য)
প্রক্তন মেডিকেল অফিসার, ২৫০ শয্যা বিশিষ্ট জেনারেল হাসপাতাল, কুষ্টিয়া। লেকচারার ম্যাটস্ কুষ্টিয়া।
চর্ম ও যৌন রোগের চিকিৎসক
রোগী দেখছেন ঃ প্রতিদিন
ডাঃ মোঃ আনিসুর রহমান
এমবিবিএস, বিসিএস (স্বাস্থ্য),
এফসিপিএস, এম.এস (কোর্স) পঙ্গু হাসপাতাল, ঢাকা।
অর্থোপেডিক ও স্পাইন সার্জান
রোগী দেখছেন ঃ প্রতিদিন
ডাঃ মোঃ জাহিদ ইকবাল (শিমুল)
এমবিবিএস, বিসিএস (স্বাস্থ্য),
এফসিপিএস সার্জারী শেষ পর্ব
সিসিডি (বারডেম), প্রাক্তন অনারারী মেডিকেল অফিসার
রংপুর মেডিকেল কলেজ হাসপাতাল রংপুর।
জেনারেল সার্জারী
রোগী দেখছেন ঃ প্রতিদিন
ডাঃ শারমিন আক্তার (শম্পা)
এম.বি.বি.এস (ঢাকা)
পিজিটি-(গাইনী এন্ড অবস্)
সি.এম.ইউ
স্ত্রী ও প্রসূতি রোগের চিকিৎসক ও সার্জন
মেডিকেল অফিসার,
উপজেলা স্বাস্থ্য কমপে-ক্স,ভেড়ামারা কুষ্টিয়া।
রোগী দেখার সময়ঃ প্রতিদিন
যোগাযোগঃ ০১৭৭৭-১৭৫১৫৪
বিঃ দ্রঃ-এখানে সর্ব প্রকার অপারেশন সুলভ মূল্যে বিশেষজ্ঞ সার্জন দ্বারা সম্পন্ন করা হয়।
